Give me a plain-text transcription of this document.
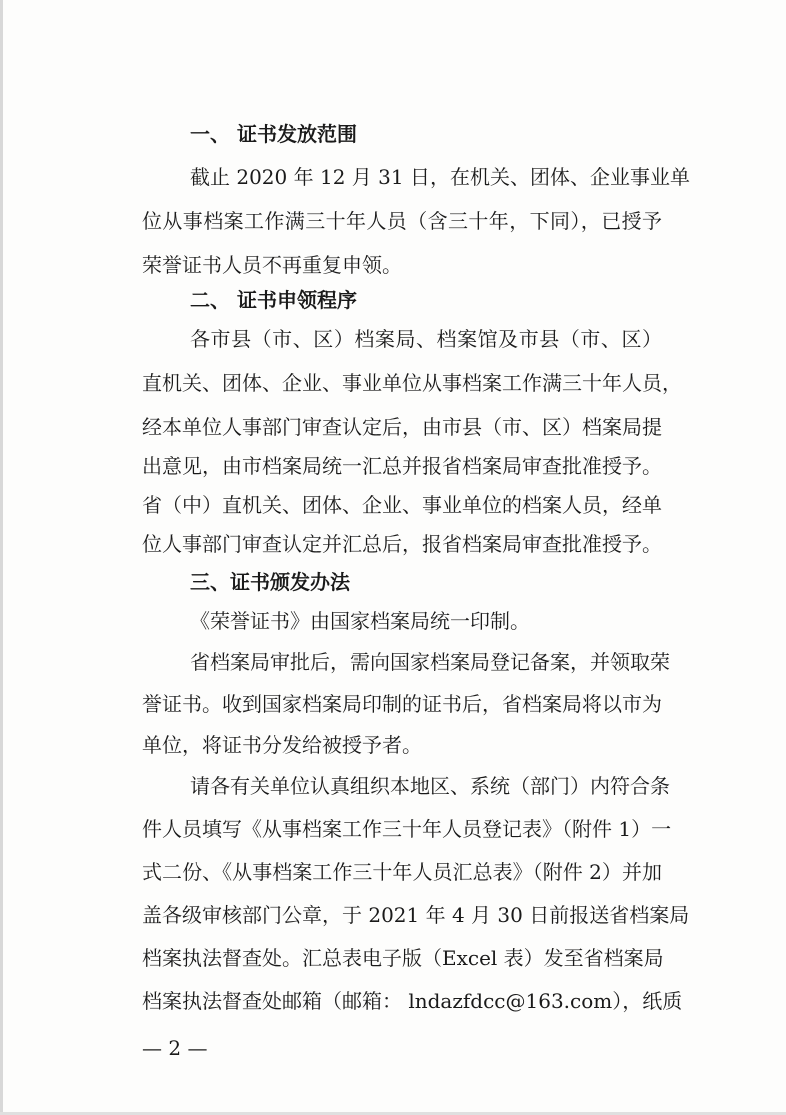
一、 证书发放范围
截止 2020 年 12 月 31 日，在机关、团体、企业事业单
位从事档案工作满三十年人员（含三十年，下同），已授予
荣誉证书人员不再重复申领。
二、 证书申领程序
各市县（市、区）档案局、档案馆及市县（市、区）
直机关、团体、企业、事业单位从事档案工作满三十年人员，
经本单位人事部门审查认定后，由市县（市、区）档案局提
出意见，由市档案局统一汇总并报省档案局审查批准授予。
省（中）直机关、团体、企业、事业单位的档案人员，经单
位人事部门审查认定并汇总后，报省档案局审查批准授予。
三、证书颁发办法
《荣誉证书》由国家档案局统一印制。
省档案局审批后，需向国家档案局登记备案，并领取荣
誉证书。收到国家档案局印制的证书后，省档案局将以市为
单位，将证书分发给被授予者。
请各有关单位认真组织本地区、系统（部门）内符合条
件人员填写《从事档案工作三十年人员登记表》（附件 1）一
式二份、《从事档案工作三十年人员汇总表》（附件 2）并加
盖各级审核部门公章，于 2021 年 4 月 30 日前报送省档案局
档案执法督查处。汇总表电子版（Excel 表）发至省档案局
档案执法督查处邮箱（邮箱： lndazfdcc@163.com），纸质
— 2 —
